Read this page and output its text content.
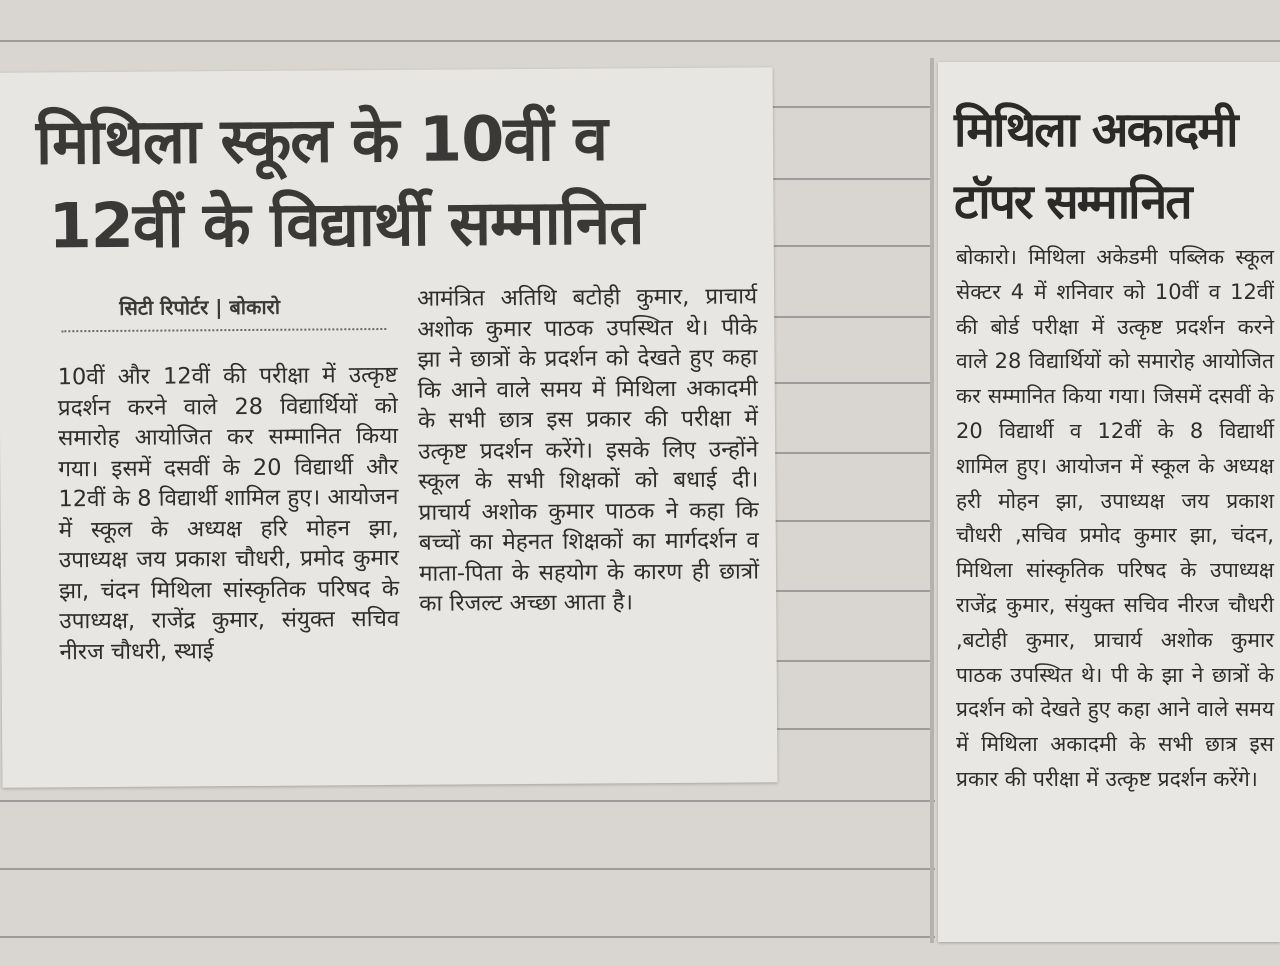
मिथिला स्कूल के 10वीं व
12वीं के विद्यार्थी सम्मानित
सिटी रिपोर्टर | बोकारो

10वीं और 12वीं की परीक्षा में उत्कृष्ट प्रदर्शन करने वाले 28 विद्यार्थियों को समारोह आयोजित कर सम्मानित किया गया। इसमें दसवीं के 20 विद्यार्थी और 12वीं के 8 विद्यार्थी शामिल हुए। आयोजन में स्कूल के अध्यक्ष हरि मोहन झा, उपाध्यक्ष जय प्रकाश चौधरी, प्रमोद कुमार झा, चंदन मिथिला सांस्कृतिक परिषद के उपाध्यक्ष, राजेंद्र कुमार, संयुक्त सचिव नीरज चौधरी, स्थाई

आमंत्रित अतिथि बटोही कुमार, प्राचार्य अशोक कुमार पाठक उपस्थित थे। पीके झा ने छात्रों के प्रदर्शन को देखते हुए कहा कि आने वाले समय में मिथिला अकादमी के सभी छात्र इस प्रकार की परीक्षा में उत्कृष्ट प्रदर्शन करेंगे। इसके लिए उन्होंने स्कूल के सभी शिक्षकों को बधाई दी। प्राचार्य अशोक कुमार पाठक ने कहा कि बच्चों का मेहनत शिक्षकों का मार्गदर्शन व माता-पिता के सहयोग के कारण ही छात्रों का रिजल्ट अच्छा आता है।

मिथिला अकादमी
टॉपर सम्मानित

बोकारो। मिथिला अकेडमी पब्लिक स्कूल सेक्टर 4 में शनिवार को 10वीं व 12वीं की बोर्ड परीक्षा में उत्कृष्ट प्रदर्शन करने वाले 28 विद्यार्थियों को समारोह आयोजित कर सम्मानित किया गया। जिसमें दसवीं के 20 विद्यार्थी व 12वीं के 8 विद्यार्थी शामिल हुए। आयोजन में स्कूल के अध्यक्ष हरी मोहन झा, उपाध्यक्ष जय प्रकाश चौधरी ,सचिव प्रमोद कुमार झा, चंदन, मिथिला सांस्कृतिक परिषद के उपाध्यक्ष राजेंद्र कुमार, संयुक्त सचिव नीरज चौधरी ,बटोही कुमार, प्राचार्य अशोक कुमार पाठक उपस्थित थे। पी के झा ने छात्रों के प्रदर्शन को देखते हुए कहा आने वाले समय में मिथिला अकादमी के सभी छात्र इस प्रकार की परीक्षा में उत्कृष्ट प्रदर्शन करेंगे।
